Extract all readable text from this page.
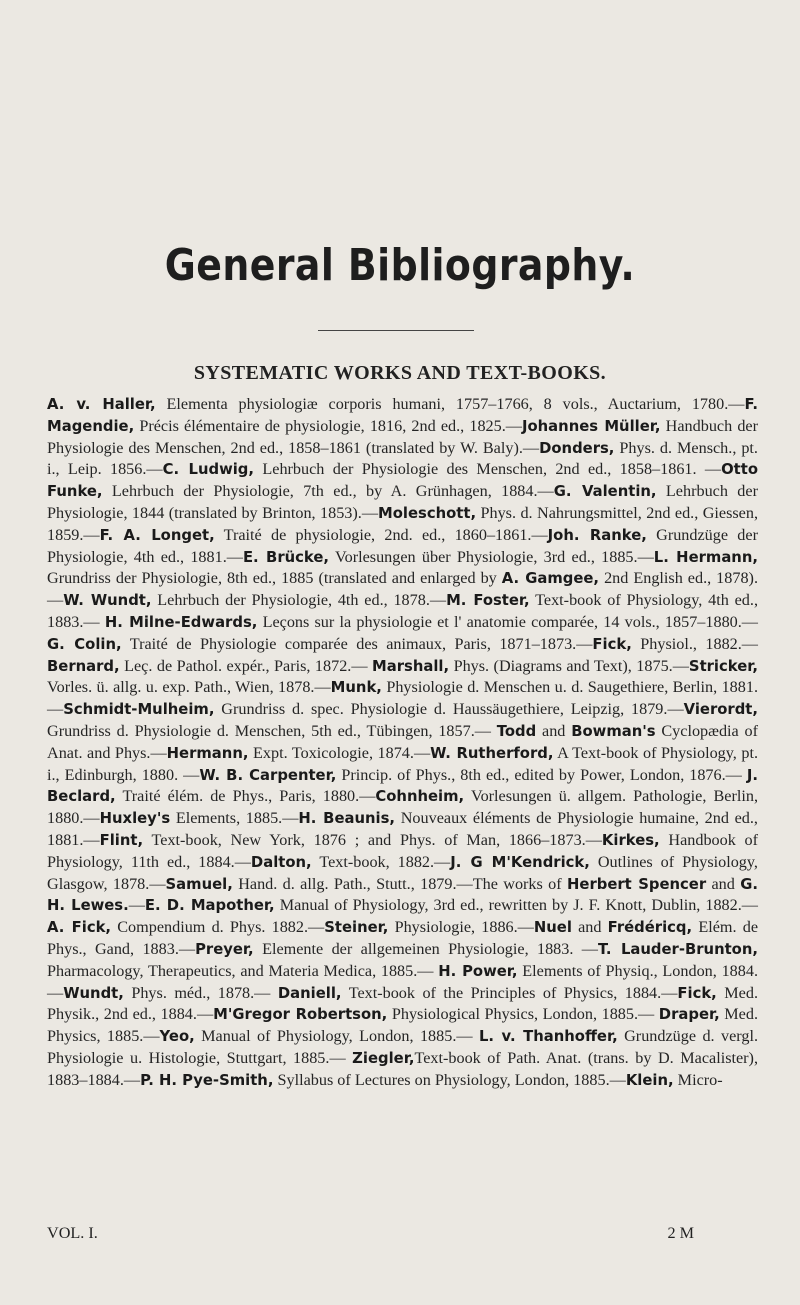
General Bibliography.
SYSTEMATIC WORKS AND TEXT-BOOKS.
A. v. Haller, Elementa physiologiæ corporis humani, 1757–1766, 8 vols., Auctarium, 1780.—F. Magendie, Précis élémentaire de physiologie, 1816, 2nd ed., 1825.—Johannes Müller, Handbuch der Physiologie des Menschen, 2nd ed., 1858–1861 (translated by W. Baly).—Donders, Phys. d. Mensch., pt. i., Leip. 1856.—C. Ludwig, Lehrbuch der Physiologie des Menschen, 2nd ed., 1858–1861. —Otto Funke, Lehrbuch der Physiologie, 7th ed., by A. Grünhagen, 1884.—G. Valentin, Lehrbuch der Physiologie, 1844 (translated by Brinton, 1853).—Moleschott, Phys. d. Nahrungsmittel, 2nd ed., Giessen, 1859.—F. A. Longet, Traité de physiologie, 2nd. ed., 1860–1861.—Joh. Ranke, Grundzüge der Physiologie, 4th ed., 1881.—E. Brücke, Vorlesungen über Physiologie, 3rd ed., 1885.—L. Hermann, Grundriss der Physiologie, 8th ed., 1885 (translated and enlarged by A. Gamgee, 2nd English ed., 1878).—W. Wundt, Lehrbuch der Physiologie, 4th ed., 1878.—M. Foster, Text-book of Physiology, 4th ed., 1883.— H. Milne-Edwards, Leçons sur la physiologie et l' anatomie comparée, 14 vols., 1857–1880.—G. Colin, Traité de Physiologie comparée des animaux, Paris, 1871–1873.—Fick, Physiol., 1882.—Bernard, Leç. de Pathol. expér., Paris, 1872.— Marshall, Phys. (Diagrams and Text), 1875.—Stricker, Vorles. ü. allg. u. exp. Path., Wien, 1878.—Munk, Physiologie d. Menschen u. d. Saugethiere, Berlin, 1881. —Schmidt-Mulheim, Grundriss d. spec. Physiologie d. Haussäugethiere, Leipzig, 1879.—Vierordt, Grundriss d. Physiologie d. Menschen, 5th ed., Tübingen, 1857.— Todd and Bowman's Cyclopædia of Anat. and Phys.—Hermann, Expt. Toxicologie, 1874.—W. Rutherford, A Text-book of Physiology, pt. i., Edinburgh, 1880. —W. B. Carpenter, Princip. of Phys., 8th ed., edited by Power, London, 1876.— J. Beclard, Traité élém. de Phys., Paris, 1880.—Cohnheim, Vorlesungen ü. allgem. Pathologie, Berlin, 1880.—Huxley's Elements, 1885.—H. Beaunis, Nouveaux éléments de Physiologie humaine, 2nd ed., 1881.—Flint, Text-book, New York, 1876 ; and Phys. of Man, 1866–1873.—Kirkes, Handbook of Physiology, 11th ed., 1884.—Dalton, Text-book, 1882.—J. G M'Kendrick, Outlines of Physiology, Glasgow, 1878.—Samuel, Hand. d. allg. Path., Stutt., 1879.—The works of Herbert Spencer and G. H. Lewes.—E. D. Mapother, Manual of Physiology, 3rd ed., rewritten by J. F. Knott, Dublin, 1882.—A. Fick, Compendium d. Phys. 1882.—Steiner, Physiologie, 1886.—Nuel and Frédéricq, Elém. de Phys., Gand, 1883.—Preyer, Elemente der allgemeinen Physiologie, 1883. —T. Lauder-Brunton, Pharmacology, Therapeutics, and Materia Medica, 1885.— H. Power, Elements of Physiq., London, 1884.—Wundt, Phys. méd., 1878.— Daniell, Text-book of the Principles of Physics, 1884.—Fick, Med. Physik., 2nd ed., 1884.—M'Gregor Robertson, Physiological Physics, London, 1885.— Draper, Med. Physics, 1885.—Yeo, Manual of Physiology, London, 1885.— L. v. Thanhoffer, Grundzüge d. vergl. Physiologie u. Histologie, Stuttgart, 1885.— Ziegler,Text-book of Path. Anat. (trans. by D. Macalister), 1883–1884.—P. H. Pye-Smith, Syllabus of Lectures on Physiology, London, 1885.—Klein, Micro-
VOL. I.	2 M
